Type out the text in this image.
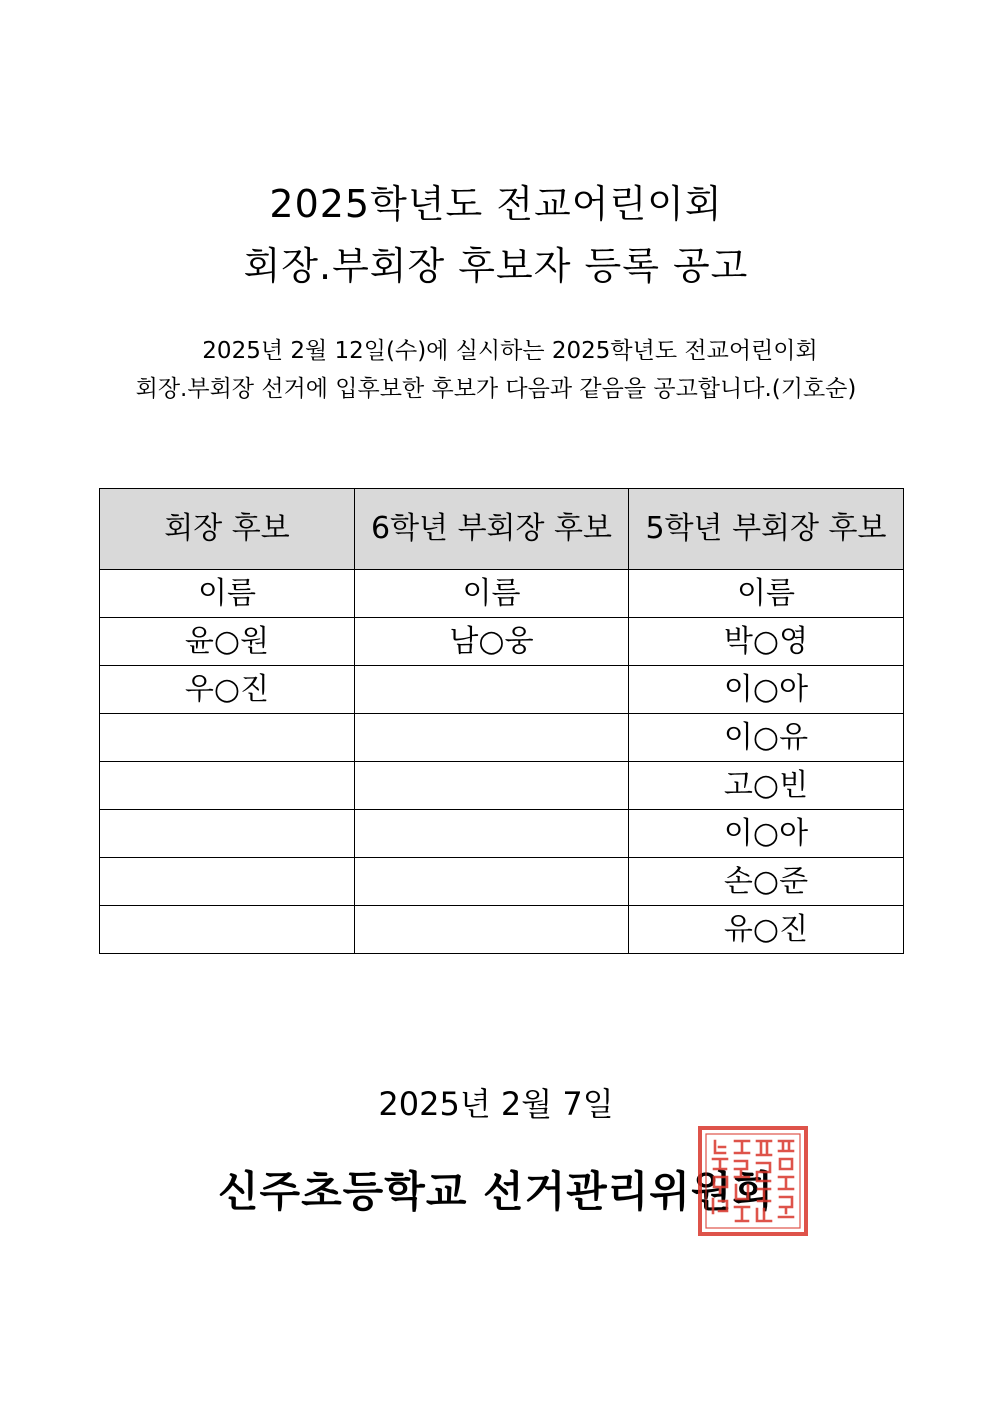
2025학년도 전교어린이회
회장.부회장 후보자 등록 공고
2025년 2월 12일(수)에 실시하는 2025학년도 전교어린이회
회장.부회장 선거에 입후보한 후보가 다음과 같음을 공고합니다.(기호순)
회장 후보	6학년 부회장 후보	5학년 부회장 후보
이름	이름	이름
윤○원	남○웅	박○영
우○진		이○아
		이○유
		고○빈
		이○아
		손○준
		유○진
2025년 2월 7일
신주초등학교 선거관리위원회
